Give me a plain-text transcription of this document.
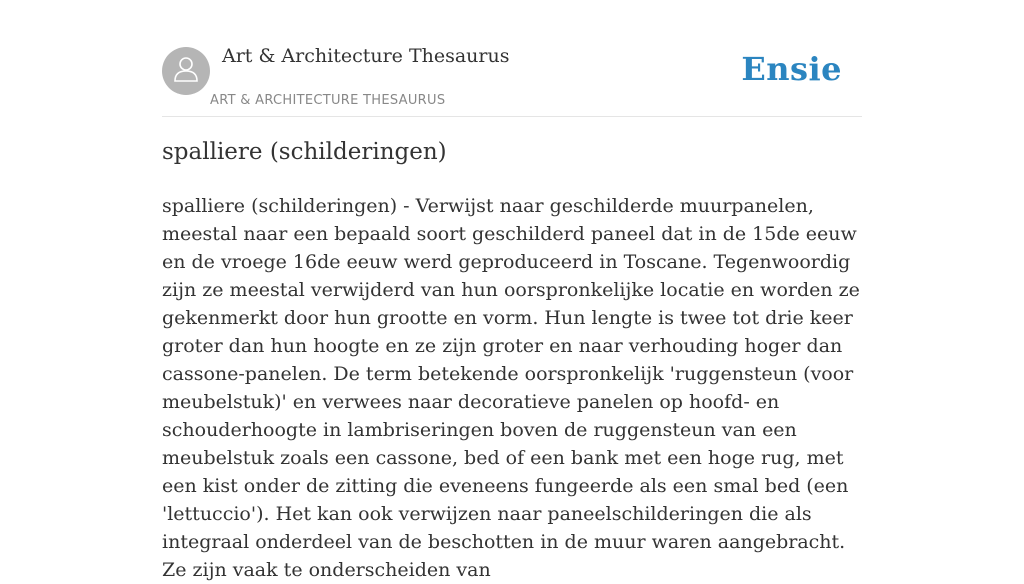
Art & Architecture Thesaurus
ART & ARCHITECTURE THESAURUS
Ensie
spalliere (schilderingen)

spalliere (schilderingen) - Verwijst naar geschilderde muurpanelen, meestal naar een bepaald soort geschilderd paneel dat in de 15de eeuw en de vroege 16de eeuw werd geproduceerd in Toscane. Tegenwoordig zijn ze meestal verwijderd van hun oorspronkelijke locatie en worden ze gekenmerkt door hun grootte en vorm. Hun lengte is twee tot drie keer groter dan hun hoogte en ze zijn groter en naar verhouding hoger dan cassone-panelen. De term betekende oorspronkelijk 'ruggensteun (voor meubelstuk)' en verwees naar decoratieve panelen op hoofd- en schouderhoogte in lambriseringen boven de ruggensteun van een meubelstuk zoals een cassone, bed of een bank met een hoge rug, met een kist onder de zitting die eveneens fungeerde als een smal bed (een 'lettuccio'). Het kan ook verwijzen naar paneelschilderingen die als integraal onderdeel van de beschotten in de muur waren aangebracht. Ze zijn vaak te onderscheiden van
